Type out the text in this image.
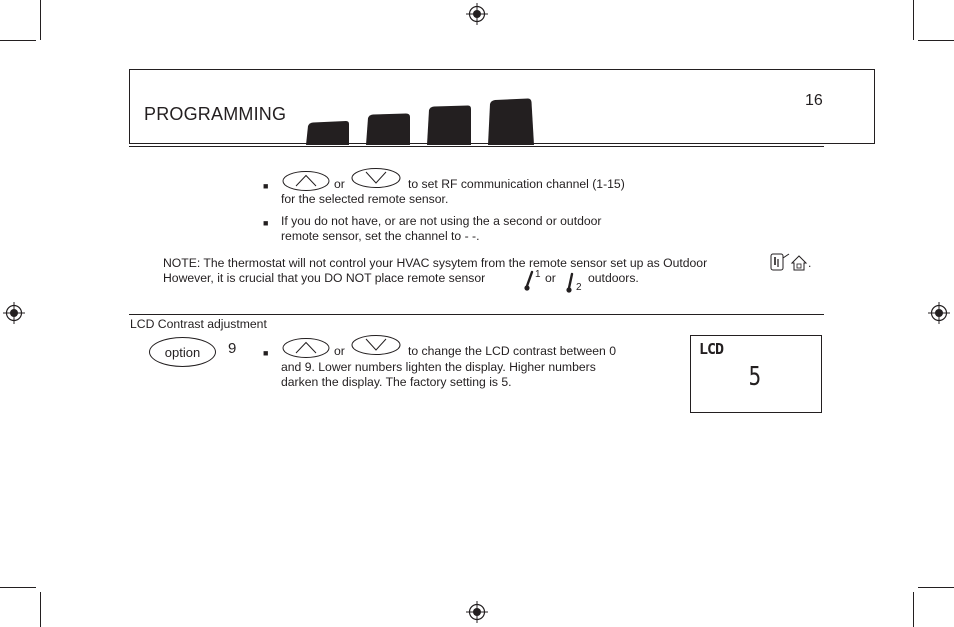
PROGRAMMING
16
■	or	to set RF communication channel (1-15)
for the selected remote sensor.
■ If you do not have, or are not using the a second or outdoor
remote sensor, set the channel to - -.
NOTE: The thermostat will not control your HVAC sysytem from the remote sensor set up as Outdoor	.
However, it is crucial that you DO NOT place remote sensor	1 or
2
outdoors.
LCD Contrast adjustment
option	9	■	or	to change the LCD contrast between 0
and 9. Lower numbers lighten the display. Higher numbers
darken the display. The factory setting is 5.
LCD
5
